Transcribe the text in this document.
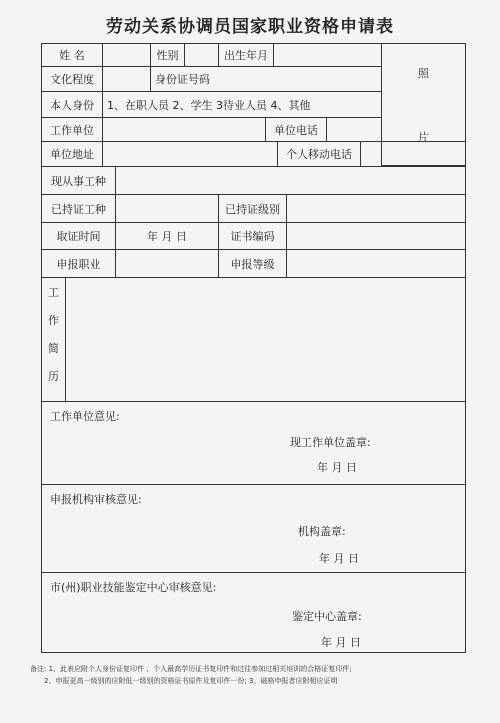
劳动关系协调员国家职业资格申请表
姓 名	性别	出生年月
照
片
文化程度	身份证号码
本人身份	1、在职人员 2、学生 3待业人员 4、其他
工作单位	单位电话
单位地址	个人移动电话
现从事工种
已持证工种	已持证级别
取证时间	年 月 日	证书编码
申报职业	申报等级
工
作
简
历
工作单位意见:
现工作单位盖章:
年 月 日
申报机构审核意见:
机构盖章:
年 月 日
市(州)职业技能鉴定中心审核意见:
鉴定中心盖章:
年 月 日
备注: 1、此表应附个人身份证复印件 、个人最高学历证书复印件和过往参加过相关培训的合格证复印件;
2、申报更高一级别的应附低一级别的资格证书原件及复印件一份; 3、破格申报者应附相应证明
